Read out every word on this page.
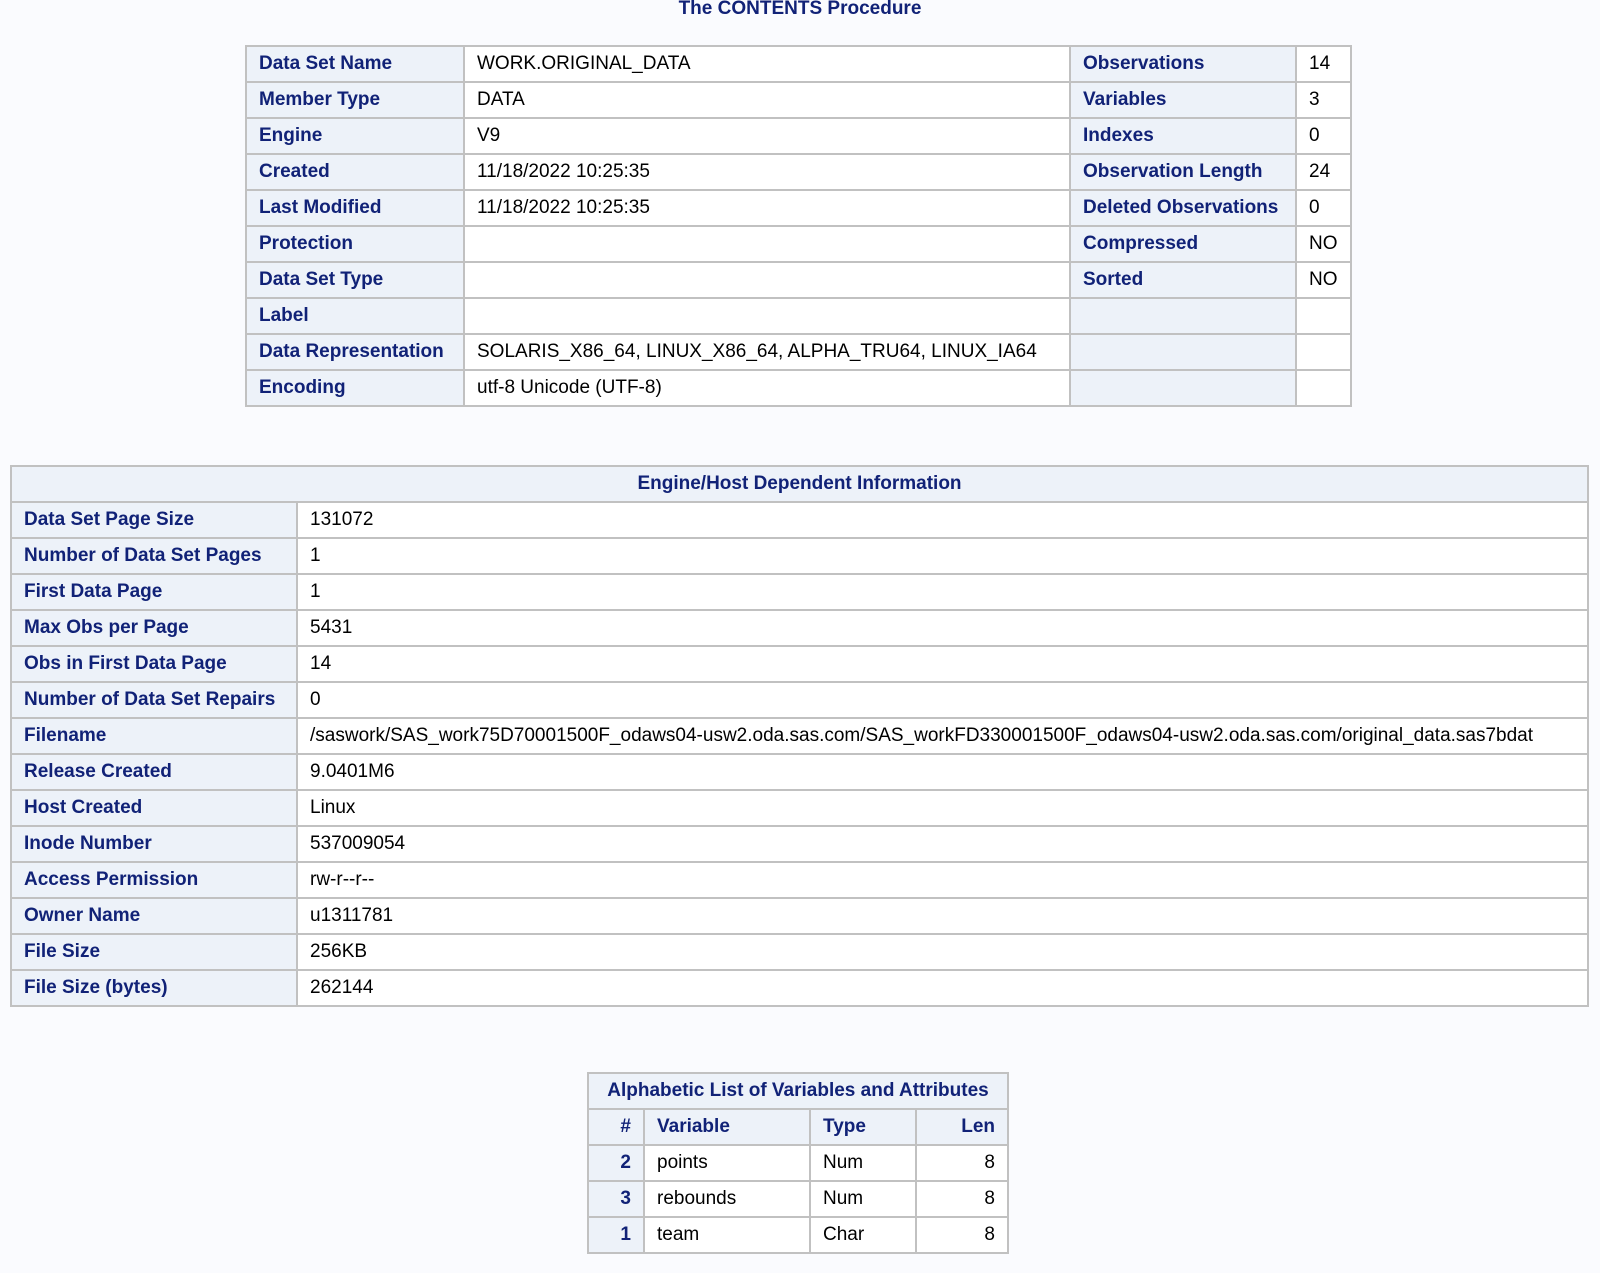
The CONTENTS Procedure
Data Set Name	WORK.ORIGINAL_DATA	Observations	14
Member Type	DATA	Variables	3
Engine	V9	Indexes	0
Created	11/18/2022 10:25:35	Observation Length	24
Last Modified	11/18/2022 10:25:35	Deleted Observations	0
Protection		Compressed	NO
Data Set Type		Sorted	NO
Label			
Data Representation	SOLARIS_X86_64, LINUX_X86_64, ALPHA_TRU64, LINUX_IA64		
Encoding	utf-8 Unicode (UTF-8)		
Engine/Host Dependent Information	
Data Set Page Size	131072
Number of Data Set Pages	1
First Data Page	1
Max Obs per Page	5431
Obs in First Data Page	14
Number of Data Set Repairs	0
Filename	/saswork/SAS_work75D70001500F_odaws04-usw2.oda.sas.com/SAS_workFD330001500F_odaws04-usw2.oda.sas.com/original_data.sas7bdat
Release Created	9.0401M6
Host Created	Linux
Inode Number	537009054
Access Permission	rw-r--r--
Owner Name	u1311781
File Size	256KB
File Size (bytes)	262144
Alphabetic List of Variables and Attributes			
#	Variable	Type	Len
2	points	Num	8
3	rebounds	Num	8
1	team	Char	8
